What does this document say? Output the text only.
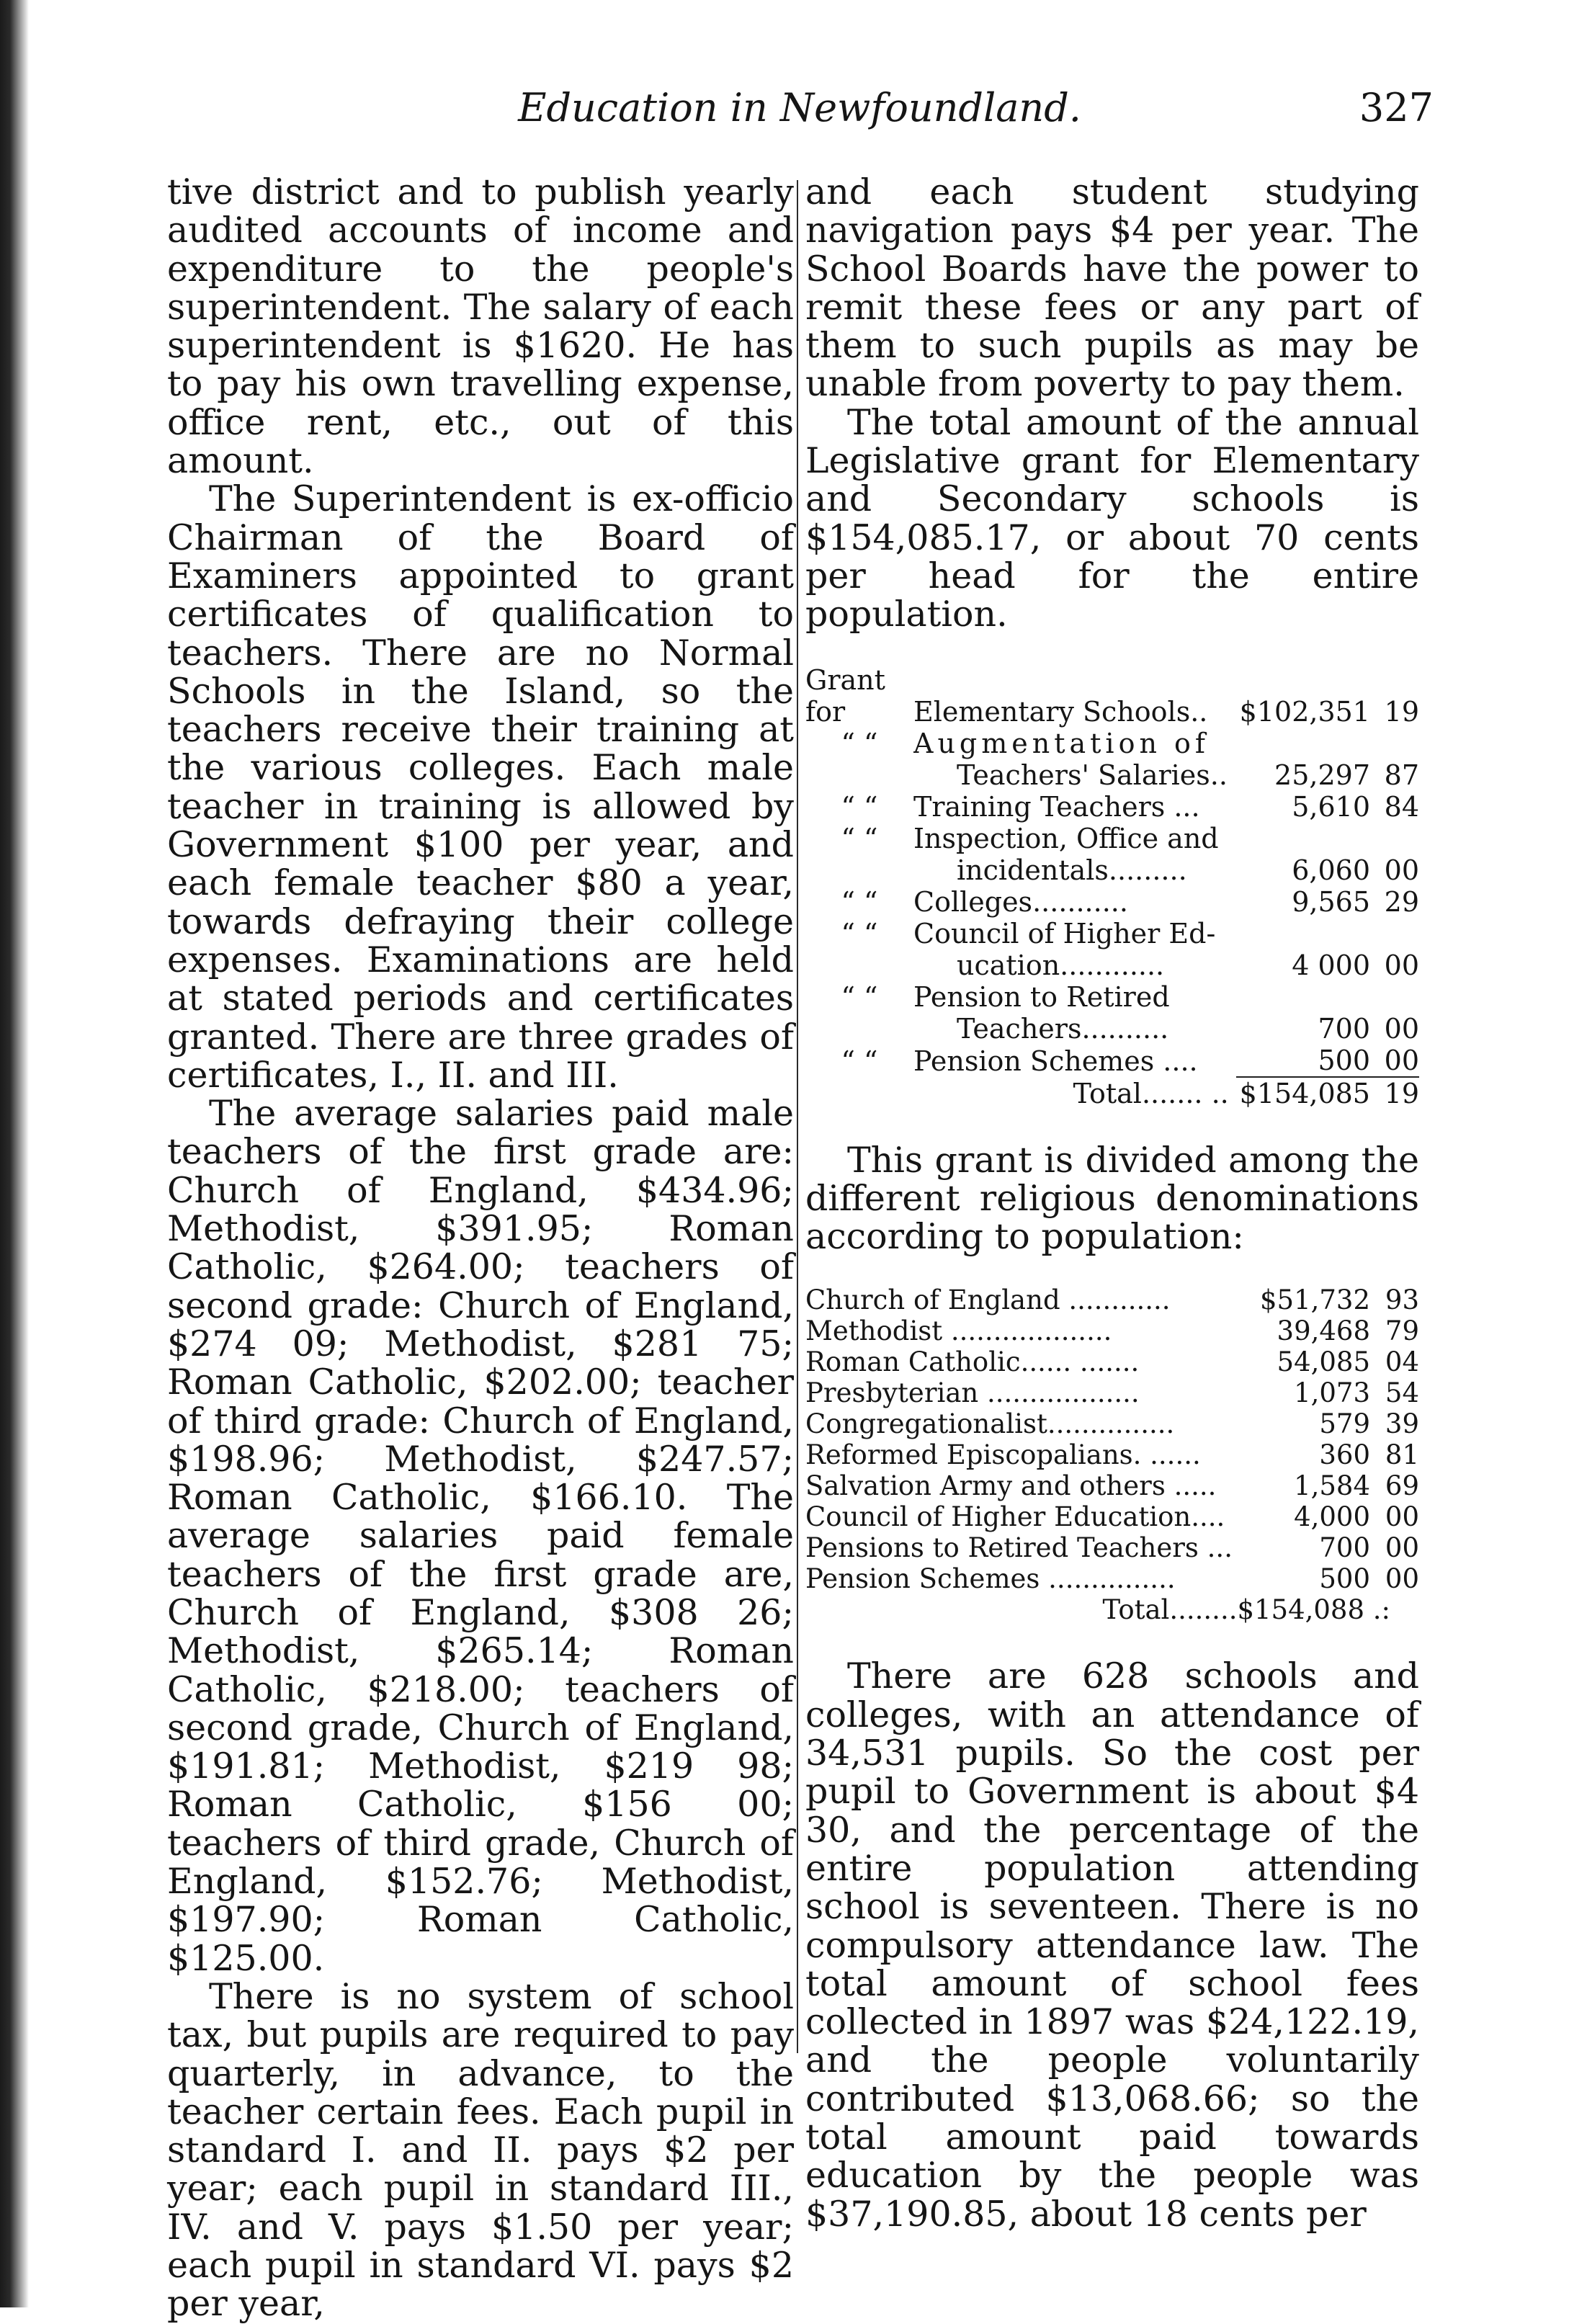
Education in Newfoundland.	327

tive district and to publish yearly audited accounts of income and expenditure to the people's superintendent. The salary of each superintendent is $1620. He has to pay his own travelling expense, office rent, etc., out of this amount.

The Superintendent is ex-officio Chairman of the Board of Examiners appointed to grant certificates of qualification to teachers. There are no Normal Schools in the Island, so the teachers receive their training at the various colleges. Each male teacher in training is allowed by Government $100 per year, and each female teacher $80 a year, towards defraying their college expenses. Examinations are held at stated periods and certificates granted. There are three grades of certificates, I., II. and III.

The average salaries paid male teachers of the first grade are: Church of England, $434.96; Methodist, $391.95; Roman Catholic, $264.00; teachers of second grade: Church of England, $274 09; Methodist, $281 75; Roman Catholic, $202.00; teacher of third grade: Church of England, $198.96; Methodist, $247.57; Roman Catholic, $166.10. The average salaries paid female teachers of the first grade are, Church of England, $308 26; Methodist, $265.14; Roman Catholic, $218.00; teachers of second grade, Church of England, $191.81; Methodist, $219 98; Roman Catholic, $156 00; teachers of third grade, Church of England, $152.76; Methodist, $197.90; Roman Catholic, $125.00.

There is no system of school tax, but pupils are required to pay quarterly, in advance, to the teacher certain fees. Each pupil in standard I. and II. pays $2 per year; each pupil in standard III., IV. and V. pays $1.50 per year; each pupil in standard VI. pays $2 per year,

and each student studying navigation pays $4 per year. The School Boards have the power to remit these fees or any part of them to such pupils as may be unable from poverty to pay them.

The total amount of the annual Legislative grant for Elementary and Secondary schools is $154,085.17, or about 70 cents per head for the entire population.

Grant for	Elementary Schools..	$102,351	19
“ “	Augmentation of		
	Teachers' Salaries..	25,297	87
“ “	Training Teachers ...	5,610	84
“ “	Inspection, Office and		
	incidentals.........	6,060	00
“ “	Colleges...........	9,565	29
“ “	Council of Higher Ed-		
	ucation............	4 000	00
“ “	Pension to Retired		
	Teachers..........	700	00
“ “	Pension Schemes ....	500	00
	Total....... ..	$154,085	19

This grant is divided among the different religious denominations according to population:

Church of England ............	$51,732	93
Methodist ...................	39,468	79
Roman Catholic...... .......	54,085	04
Presbyterian ..................	1,073	54
Congregationalist...............	579	39
Reformed Episcopalians. ......	360	81
Salvation Army and others .....	1,584	69
Council of Higher Education....	4,000	00
Pensions to Retired Teachers ...	700	00
Pension Schemes ...............	500	00
Total........$154,088 .:		

There are 628 schools and colleges, with an attendance of 34,531 pupils. So the cost per pupil to Government is about $4 30, and the percentage of the entire population attending school is seventeen. There is no compulsory attendance law. The total amount of school fees collected in 1897 was $24,122.19, and the people voluntarily contributed $13,068.66; so the total amount paid towards education by the people was $37,190.85, about 18 cents per
